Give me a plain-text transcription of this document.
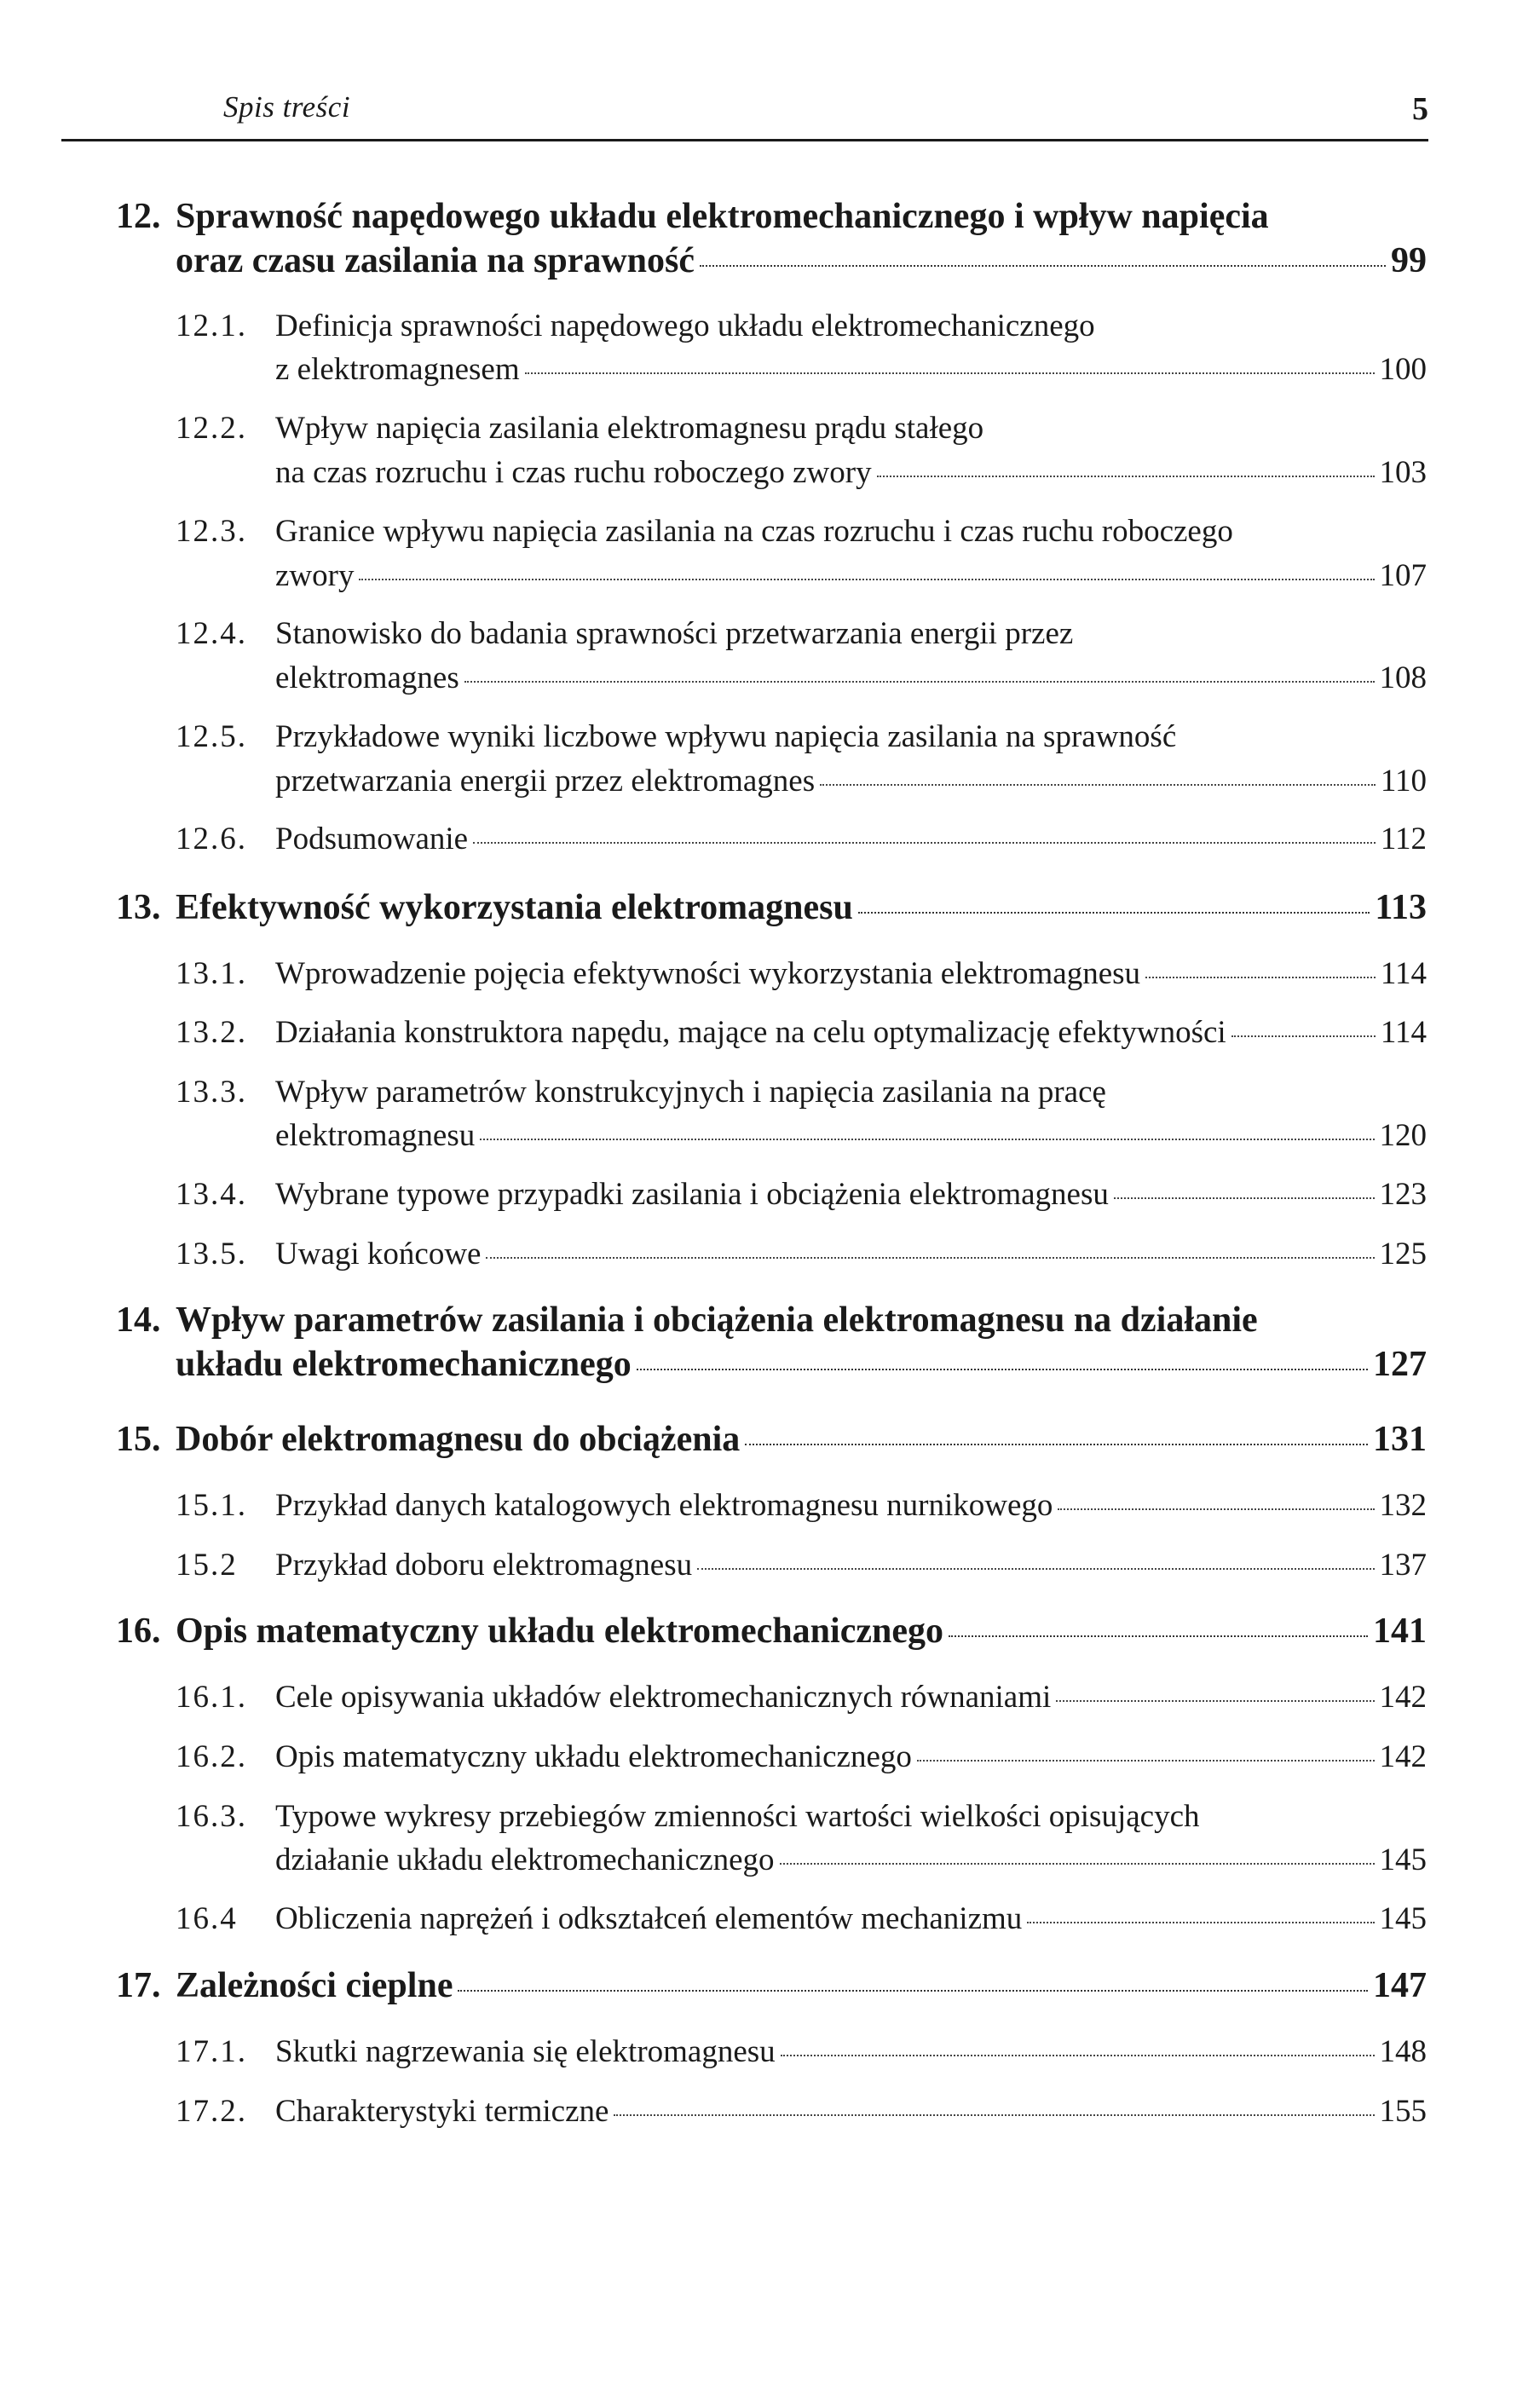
Spis treści	5
12. Sprawność napędowego układu elektromechanicznego i wpływ napięcia
oraz czasu zasilania na sprawność	99
12.1. Definicja sprawności napędowego układu elektromechanicznego
z elektromagnesem	100
12.2. Wpływ napięcia zasilania elektromagnesu prądu stałego
na czas rozruchu i czas ruchu roboczego zwory	103
12.3. Granice wpływu napięcia zasilania na czas rozruchu i czas ruchu roboczego
zwory	107
12.4. Stanowisko do badania sprawności przetwarzania energii przez
elektromagnes	108
12.5. Przykładowe wyniki liczbowe wpływu napięcia zasilania na sprawność
przetwarzania energii przez elektromagnes	110
12.6. Podsumowanie	112
13. Efektywność wykorzystania elektromagnesu	113
13.1. Wprowadzenie pojęcia efektywności wykorzystania elektromagnesu	114
13.2. Działania konstruktora napędu, mające na celu optymalizację efektywności	114
13.3. Wpływ parametrów konstrukcyjnych i napięcia zasilania na pracę
elektromagnesu	120
13.4. Wybrane typowe przypadki zasilania i obciążenia elektromagnesu	123
13.5. Uwagi końcowe	125
14. Wpływ parametrów zasilania i obciążenia elektromagnesu na działanie
układu elektromechanicznego	127
15. Dobór elektromagnesu do obciążenia	131
15.1. Przykład danych katalogowych elektromagnesu nurnikowego	132
15.2 Przykład doboru elektromagnesu	137
16. Opis matematyczny układu elektromechanicznego	141
16.1. Cele opisywania układów elektromechanicznych równaniami	142
16.2. Opis matematyczny układu elektromechanicznego	142
16.3. Typowe wykresy przebiegów zmienności wartości wielkości opisujących
działanie układu elektromechanicznego	145
16.4 Obliczenia naprężeń i odkształceń elementów mechanizmu	145
17. Zależności cieplne	147
17.1. Skutki nagrzewania się elektromagnesu	148
17.2. Charakterystyki termiczne	155
